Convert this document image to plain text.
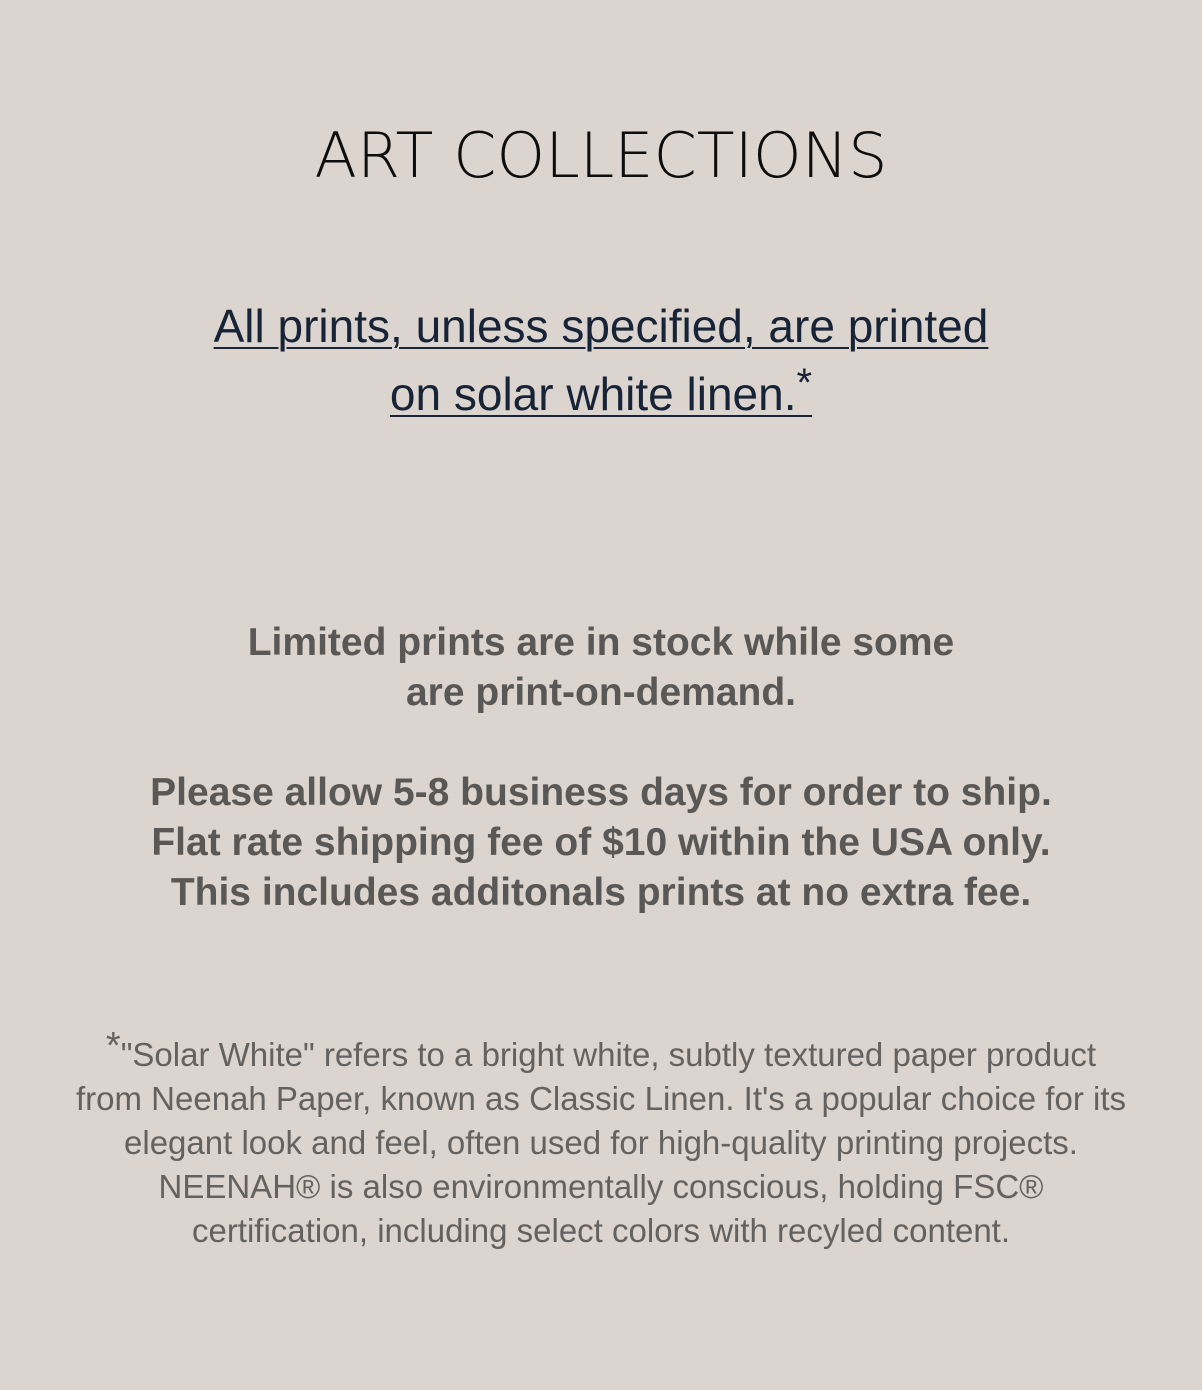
ART COLLECTIONS
All prints, unless specified, are printed
on solar white linen.*
Limited prints are in stock while some
are print-on-demand.
Please allow 5-8 business days for order to ship.
Flat rate shipping fee of $10 within the USA only.
This includes additonals prints at no extra fee.
*"Solar White" refers to a bright white, subtly textured paper product from Neenah Paper, known as Classic Linen. It's a popular choice for its elegant look and feel, often used for high-quality printing projects. NEENAH® is also environmentally conscious, holding FSC® certification, including select colors with recyled content.
